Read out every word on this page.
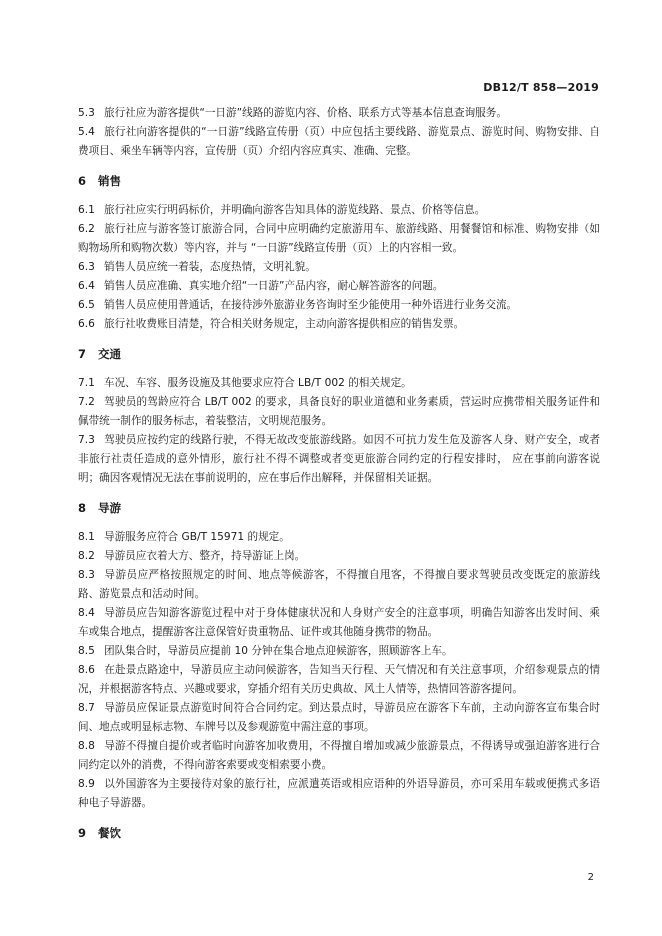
DB12/T 858—2019
5.3 旅行社应为游客提供“一日游”线路的游览内容、价格、联系方式等基本信息查询服务。
5.4 旅行社向游客提供的“一日游”线路宣传册（页）中应包括主要线路、游览景点、游览时间、购物安排、自费项目、乘坐车辆等内容，宣传册（页）介绍内容应真实、准确、完整。
6 销售
6.1 旅行社应实行明码标价，并明确向游客告知具体的游览线路、景点、价格等信息。
6.2 旅行社应与游客签订旅游合同，合同中应明确约定旅游用车、旅游线路、用餐餐馆和标准、购物安排（如购物场所和购物次数）等内容，并与 “一日游”线路宣传册（页）上的内容相一致。
6.3 销售人员应统一着装，态度热情，文明礼貌。
6.4 销售人员应准确、真实地介绍“一日游”产品内容，耐心解答游客的问题。
6.5 销售人员应使用普通话，在接待涉外旅游业务咨询时至少能使用一种外语进行业务交流。
6.6 旅行社收费账目清楚，符合相关财务规定，主动向游客提供相应的销售发票。
7 交通
7.1 车况、车容、服务设施及其他要求应符合 LB/T 002 的相关规定。
7.2 驾驶员的驾龄应符合 LB/T 002 的要求，具备良好的职业道德和业务素质，营运时应携带相关服务证件和佩带统一制作的服务标志，着装整洁，文明规范服务。
7.3 驾驶员应按约定的线路行驶，不得无故改变旅游线路。如因不可抗力发生危及游客人身、财产安全，或者非旅行社责任造成的意外情形，旅行社不得不调整或者变更旅游合同约定的行程安排时， 应在事前向游客说明；确因客观情况无法在事前说明的，应在事后作出解释，并保留相关证据。
8 导游
8.1 导游服务应符合 GB/T 15971 的规定。
8.2 导游员应衣着大方、整齐，持导游证上岗。
8.3 导游员应严格按照规定的时间、地点等候游客，不得擅自甩客，不得擅自要求驾驶员改变既定的旅游线路、游览景点和活动时间。
8.4 导游员应告知游客游览过程中对于身体健康状况和人身财产安全的注意事项，明确告知游客出发时间、乘车或集合地点，提醒游客注意保管好贵重物品、证件或其他随身携带的物品。
8.5 团队集合时，导游员应提前 10 分钟在集合地点迎候游客，照顾游客上车。
8.6 在赴景点路途中，导游员应主动问候游客，告知当天行程、天气情况和有关注意事项，介绍参观景点的情况，并根据游客特点、兴趣或要求，穿插介绍有关历史典故、风土人情等，热情回答游客提问。
8.7 导游员应保证景点游览时间符合合同约定。到达景点时，导游员应在游客下车前，主动向游客宣布集合时间、地点或明显标志物、车牌号以及参观游览中需注意的事项。
8.8 导游不得擅自提价或者临时向游客加收费用，不得擅自增加或减少旅游景点，不得诱导或强迫游客进行合同约定以外的消费，不得向游客索要或变相索要小费。
8.9 以外国游客为主要接待对象的旅行社，应派遣英语或相应语种的外语导游员，亦可采用车载或便携式多语种电子导游器。
9 餐饮
2
